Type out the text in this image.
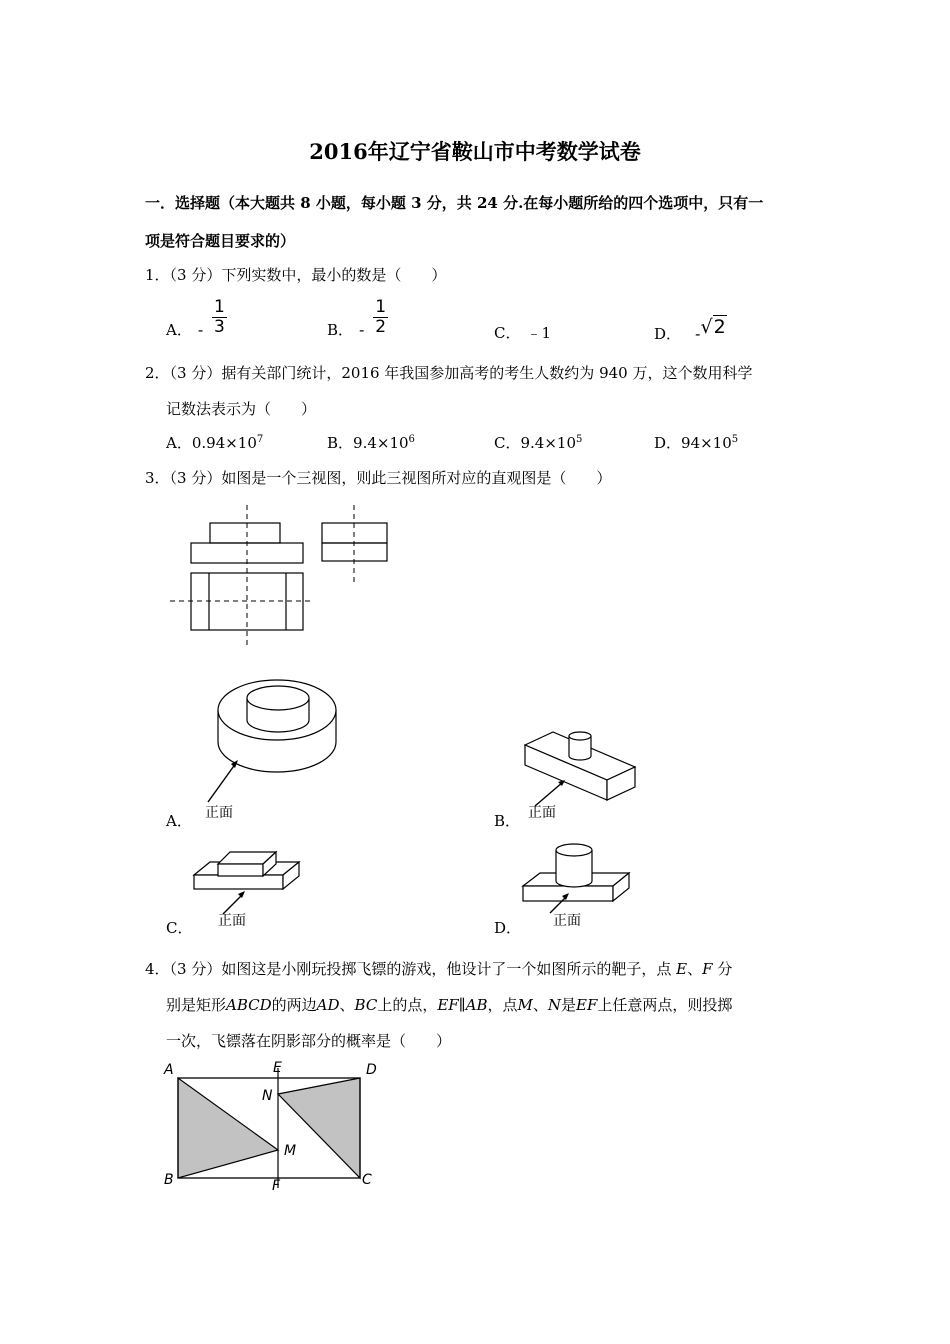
2016年辽宁省鞍山市中考数学试卷
一．选择题（本大题共 8 小题，每小题 3 分，共 24 分.在每小题所给的四个选项中，只有一
项是符合题目要求的）
1．（3 分）下列实数中，最小的数是（　　）
A． - $\frac{1}{3}$	B． - $\frac{1}{2}$	C． ﹣1	D． -√2
2．（3 分）据有关部门统计，2016 年我国参加高考的考生人数约为 940 万，这个数用科学
记数法表示为（　　）
A．$0.94\times 10^7$	B．$9.4\times 10^6$	C．$9.4\times 10^5$	D．$94\times 10^5$
3．（3 分）如图是一个三视图，则此三视图所对应的直观图是（　　）
正面
A．	正面
B．
正面
C．	正面
D．
4．（3 分）如图这是小刚玩投掷飞镖的游戏，他设计了一个如图所示的靶子，点 E、F 分
别是矩形ABCD的两边AD、BC上的点，EF∥AB，点M、N是EF上任意两点，则投掷
一次，飞镖落在阴影部分的概率是（　　）
A
B	C
D
E
F
M
N
